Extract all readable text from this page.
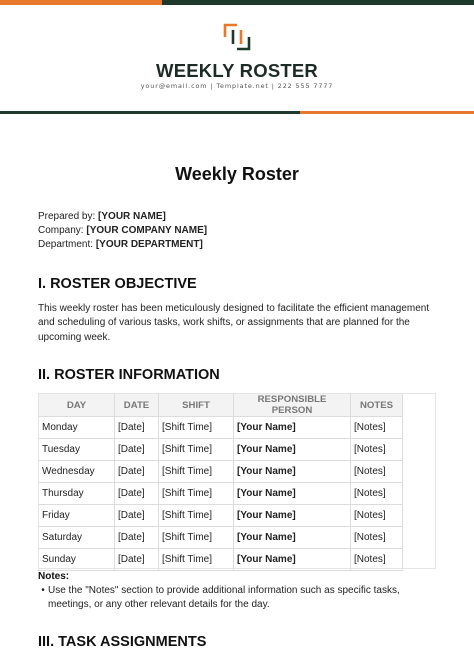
WEEKLY ROSTER
your@email.com | Template.net | 222 555 7777
Weekly Roster
Prepared by: [YOUR NAME]
Company: [YOUR COMPANY NAME]
Department: [YOUR DEPARTMENT]
I. ROSTER OBJECTIVE
This weekly roster has been meticulously designed to facilitate the efficient management and scheduling of various tasks, work shifts, or assignments that are planned for the upcoming week.
II. ROSTER INFORMATION
DAY	DATE	SHIFT	RESPONSIBLE PERSON	NOTES
Monday	[Date]	[Shift Time]	[Your Name]	[Notes]
Tuesday	[Date]	[Shift Time]	[Your Name]	[Notes]
Wednesday	[Date]	[Shift Time]	[Your Name]	[Notes]
Thursday	[Date]	[Shift Time]	[Your Name]	[Notes]
Friday	[Date]	[Shift Time]	[Your Name]	[Notes]
Saturday	[Date]	[Shift Time]	[Your Name]	[Notes]
Sunday	[Date]	[Shift Time]	[Your Name]	[Notes]
Notes:
• Use the "Notes" section to provide additional information such as specific tasks, meetings, or any other relevant details for the day.
III. TASK ASSIGNMENTS
